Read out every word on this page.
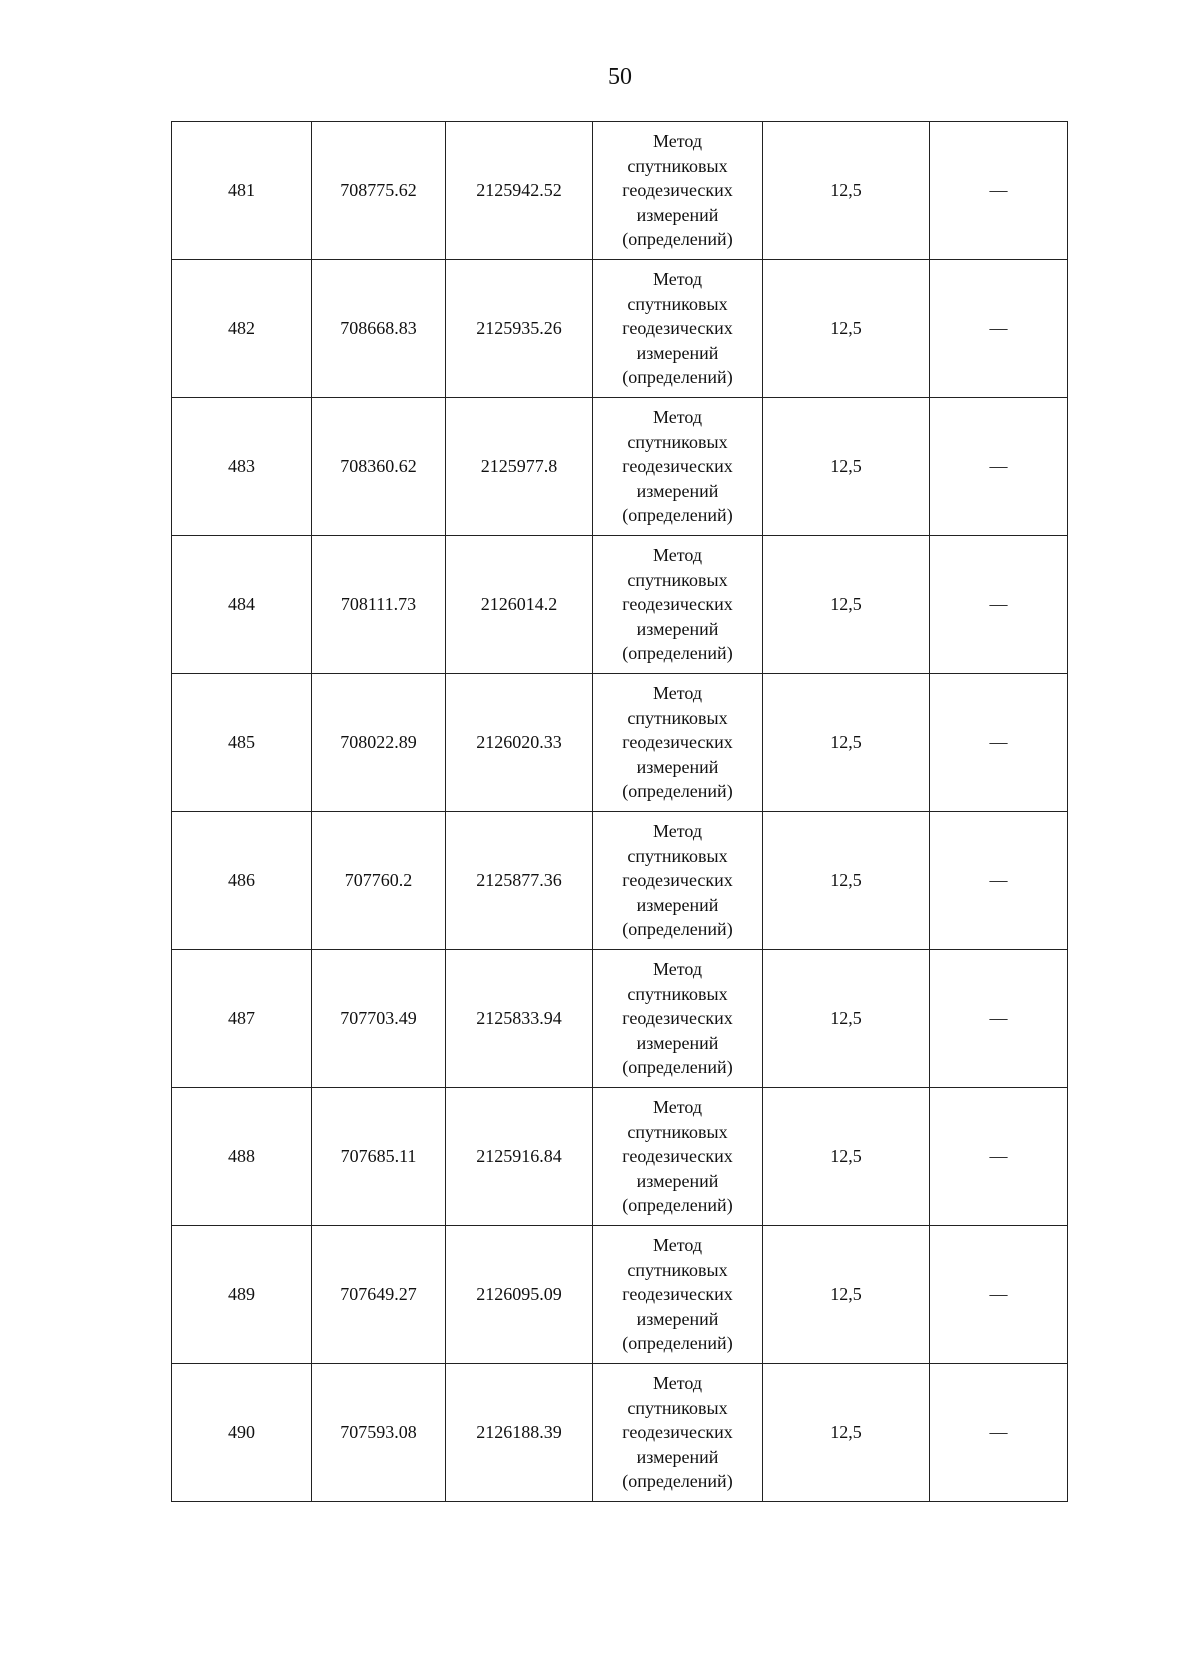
50
481	708775.62	2125942.52	Метод спутниковых геодезических измерений (определений)	12,5	—
482	708668.83	2125935.26	Метод спутниковых геодезических измерений (определений)	12,5	—
483	708360.62	2125977.8	Метод спутниковых геодезических измерений (определений)	12,5	—
484	708111.73	2126014.2	Метод спутниковых геодезических измерений (определений)	12,5	—
485	708022.89	2126020.33	Метод спутниковых геодезических измерений (определений)	12,5	—
486	707760.2	2125877.36	Метод спутниковых геодезических измерений (определений)	12,5	—
487	707703.49	2125833.94	Метод спутниковых геодезических измерений (определений)	12,5	—
488	707685.11	2125916.84	Метод спутниковых геодезических измерений (определений)	12,5	—
489	707649.27	2126095.09	Метод спутниковых геодезических измерений (определений)	12,5	—
490	707593.08	2126188.39	Метод спутниковых геодезических измерений (определений)	12,5	—
